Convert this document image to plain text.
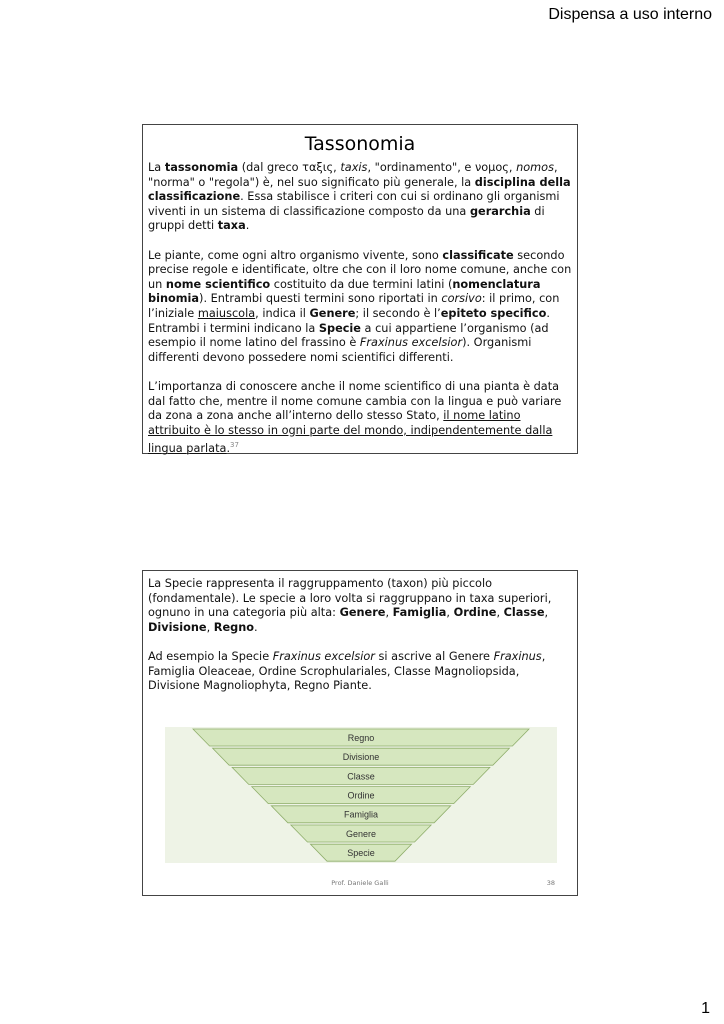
Dispensa a uso interno
Tassonomia

La tassonomia (dal greco ταξις, taxis, "ordinamento", e νομος, nomos, "norma" o "regola") è, nel suo significato più generale, la disciplina della classificazione. Essa stabilisce i criteri con cui si ordinano gli organismi viventi in un sistema di classificazione composto da una gerarchia di gruppi detti taxa.

Le piante, come ogni altro organismo vivente, sono classificate secondo precise regole e identificate, oltre che con il loro nome comune, anche con un nome scientifico costituito da due termini latini (nomenclatura binomia). Entrambi questi termini sono riportati in corsivo: il primo, con l’iniziale maiuscola, indica il Genere; il secondo è l’epiteto specifico. Entrambi i termini indicano la Specie a cui appartiene l’organismo (ad esempio il nome latino del frassino è Fraxinus excelsior). Organismi differenti devono possedere nomi scientifici differenti.

L’importanza di conoscere anche il nome scientifico di una pianta è data dal fatto che, mentre il nome comune cambia con la lingua e può variare da zona a zona anche all’interno dello stesso Stato, il nome latino attribuito è lo stesso in ogni parte del mondo, indipendentemente dalla lingua parlata.$^{37}$

La Specie rappresenta il raggruppamento (taxon) più piccolo (fondamentale). Le specie a loro volta si raggruppano in taxa superiori, ognuno in una categoria più alta: Genere, Famiglia, Ordine, Classe, Divisione, Regno.

Ad esempio la Specie Fraxinus excelsior si ascrive al Genere Fraxinus, Famiglia Oleaceae, Ordine Scrophulariales, Classe Magnoliopsida, Divisione Magnoliophyta, Regno Piante.

Regno
Divisione
Classe
Ordine
Famiglia
Genere
Specie
Prof. Daniele Galli	38
1
